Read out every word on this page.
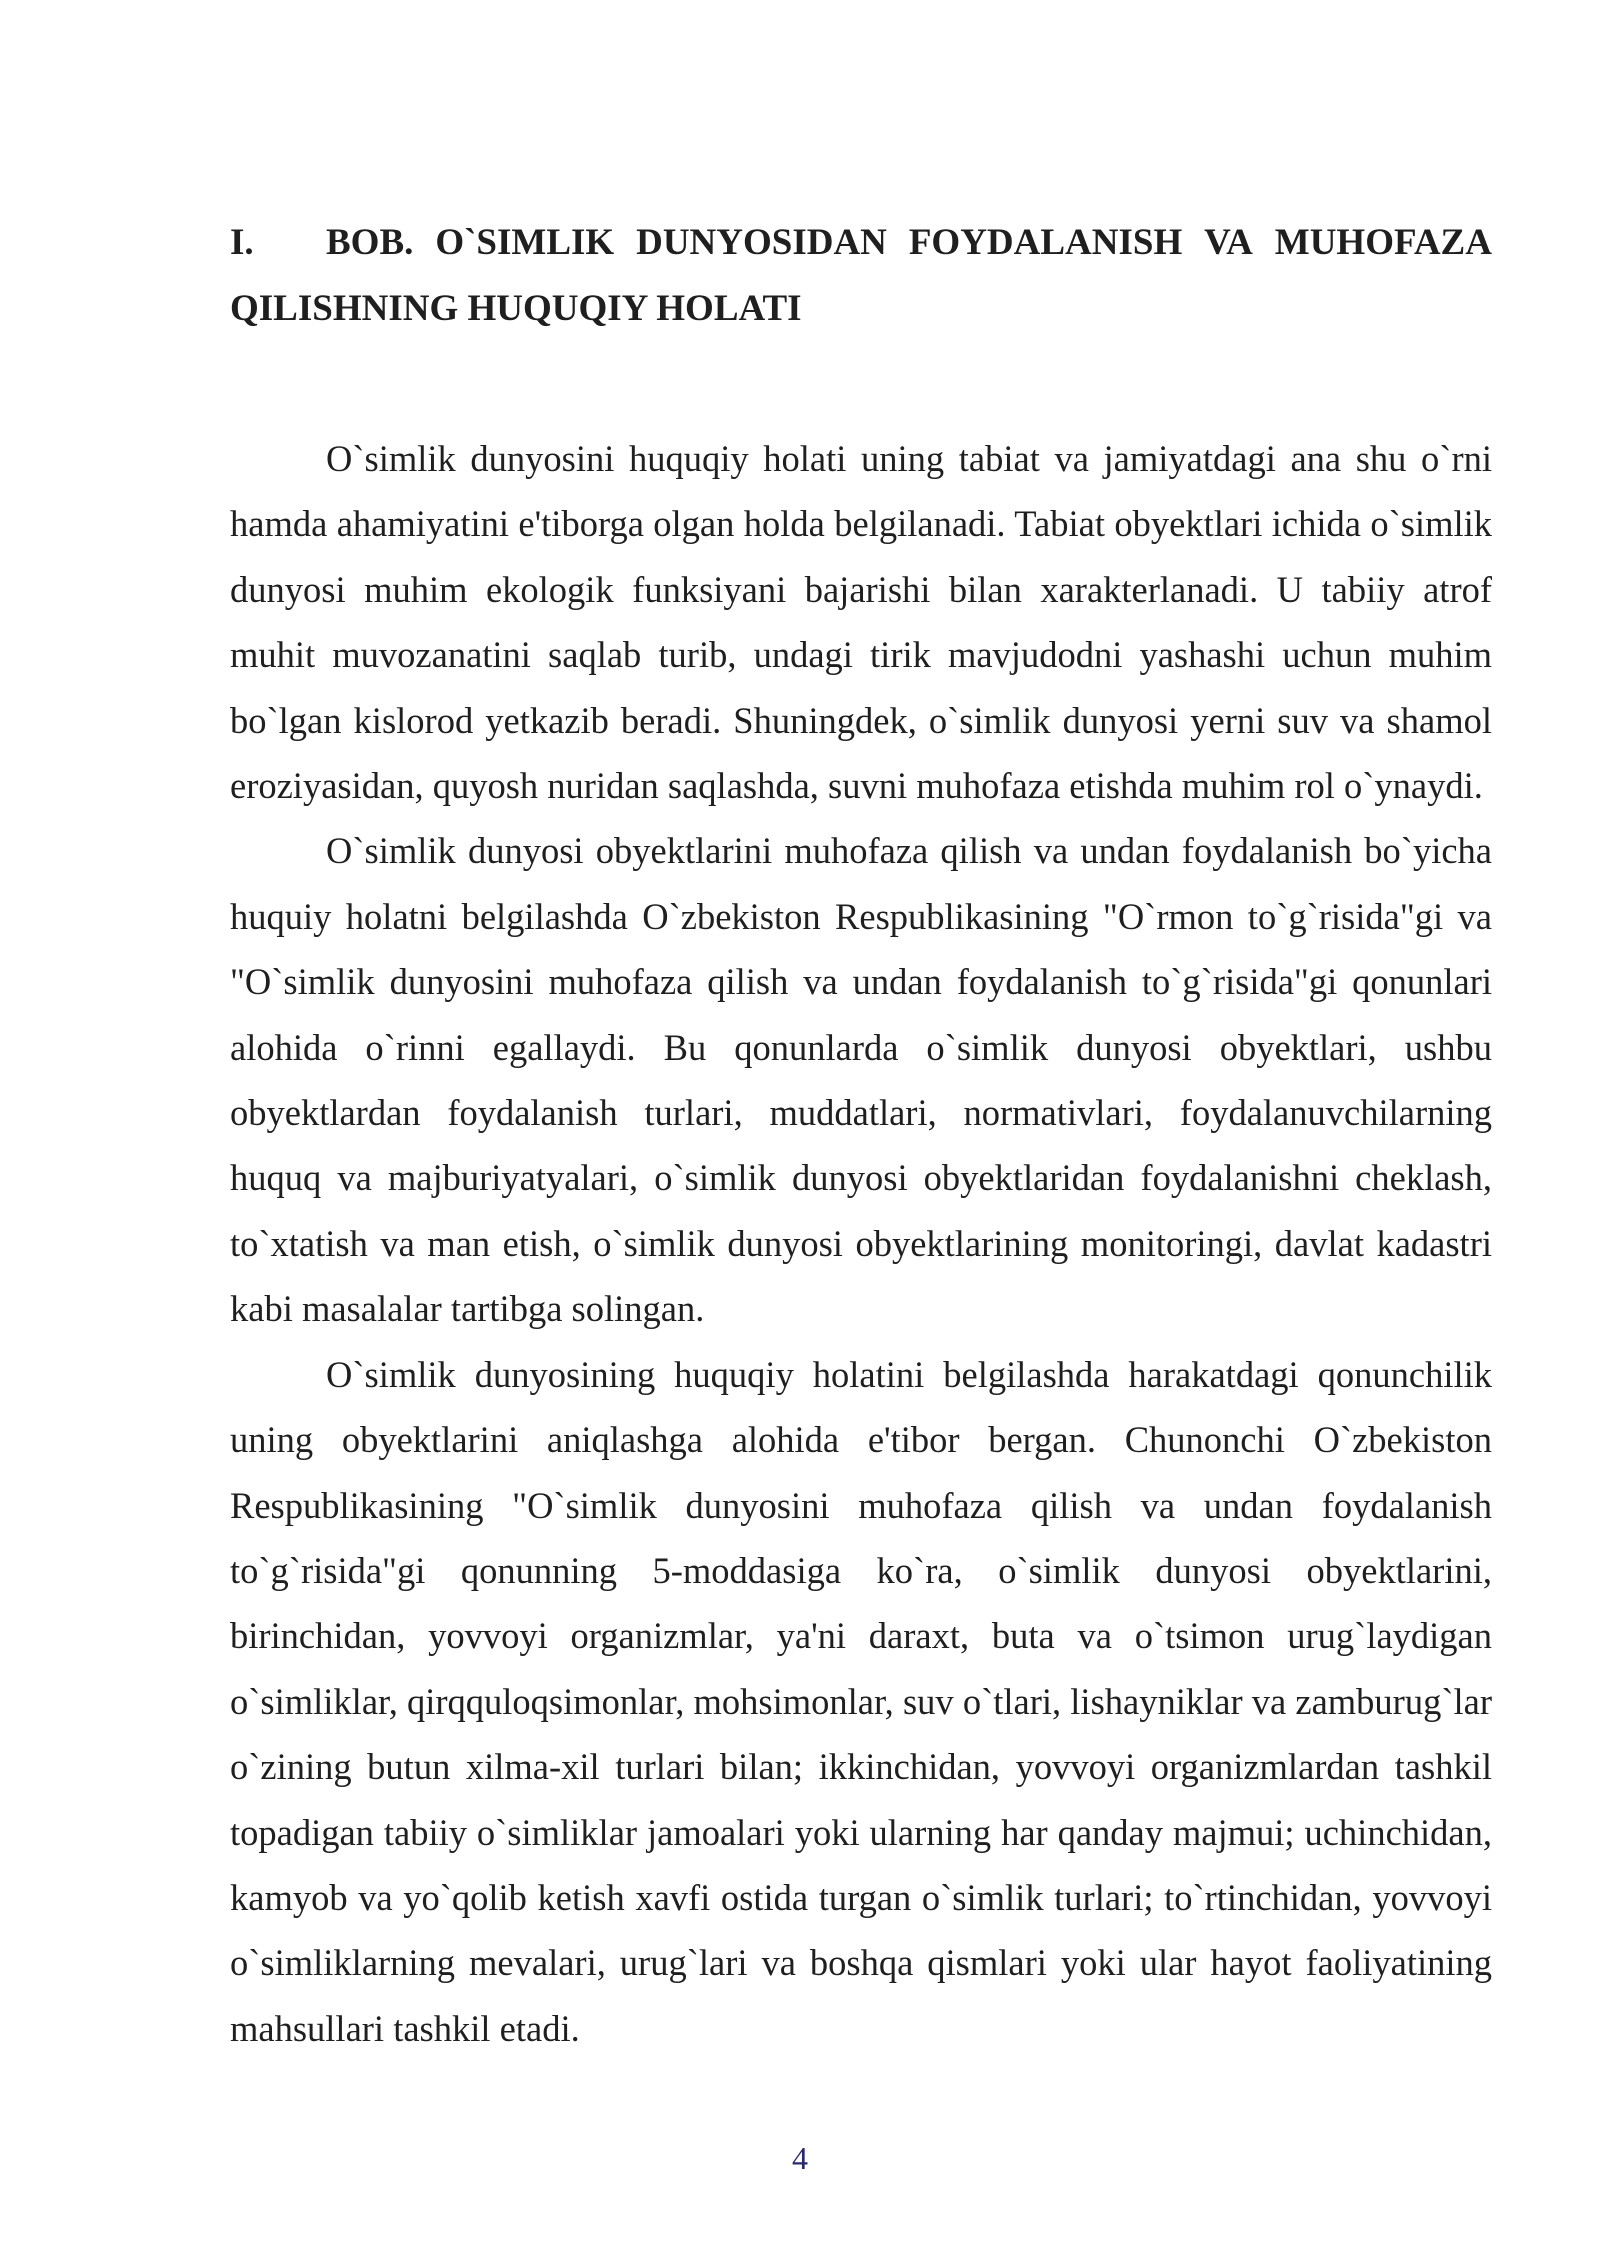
I.	BOB. O`SIMLIK DUNYOSIDAN FOYDALANISH VA MUHOFAZA
QILISHNING HUQUQIY HOLATI

O`simlik dunyosini huquqiy holati uning tabiat va jamiyatdagi ana shu o`rni hamda ahamiyatini e'tiborga olgan holda belgilanadi. Tabiat obyektlari ichida o`simlik dunyosi muhim ekologik funksiyani bajarishi bilan xarakterlanadi. U tabiiy atrof muhit muvozanatini saqlab turib, undagi tirik mavjudodni yashashi uchun muhim bo`lgan kislorod yetkazib beradi. Shuningdek, o`simlik dunyosi yerni suv va shamol eroziyasidan, quyosh nuridan saqlashda, suvni muhofaza etishda muhim rol o`ynaydi.

O`simlik dunyosi obyektlarini muhofaza qilish va undan foydalanish bo`yicha huquiy holatni belgilashda O`zbekiston Respublikasining "O`rmon to`g`risida"gi va "O`simlik dunyosini muhofaza qilish va undan foydalanish to`g`risida"gi qonunlari alohida o`rinni egallaydi. Bu qonunlarda o`simlik dunyosi obyektlari, ushbu obyektlardan foydalanish turlari, muddatlari, normativlari, foydalanuvchilarning huquq va majburiyatyalari, o`simlik dunyosi obyektlaridan foydalanishni cheklash, to`xtatish va man etish, o`simlik dunyosi obyektlarining monitoringi, davlat kadastri kabi masalalar tartibga solingan.

O`simlik dunyosining huquqiy holatini belgilashda harakatdagi qonunchilik uning obyektlarini aniqlashga alohida e'tibor bergan. Chunonchi O`zbekiston Respublikasining "O`simlik dunyosini muhofaza qilish va undan foydalanish to`g`risida"gi qonunning 5-moddasiga ko`ra, o`simlik dunyosi obyektlarini, birinchidan, yovvoyi organizmlar, ya'ni daraxt, buta va o`tsimon urug`laydigan o`simliklar, qirqquloqsimonlar, mohsimonlar, suv o`tlari, lishayniklar va zamburug`lar o`zining butun xilma-xil turlari bilan; ikkinchidan, yovvoyi organizmlardan tashkil topadigan tabiiy o`simliklar jamoalari yoki ularning har qanday majmui; uchinchidan, kamyob va yo`qolib ketish xavfi ostida turgan o`simlik turlari; to`rtinchidan, yovvoyi o`simliklarning mevalari, urug`lari va boshqa qismlari yoki ular hayot faoliyatining mahsullari tashkil etadi.

4
